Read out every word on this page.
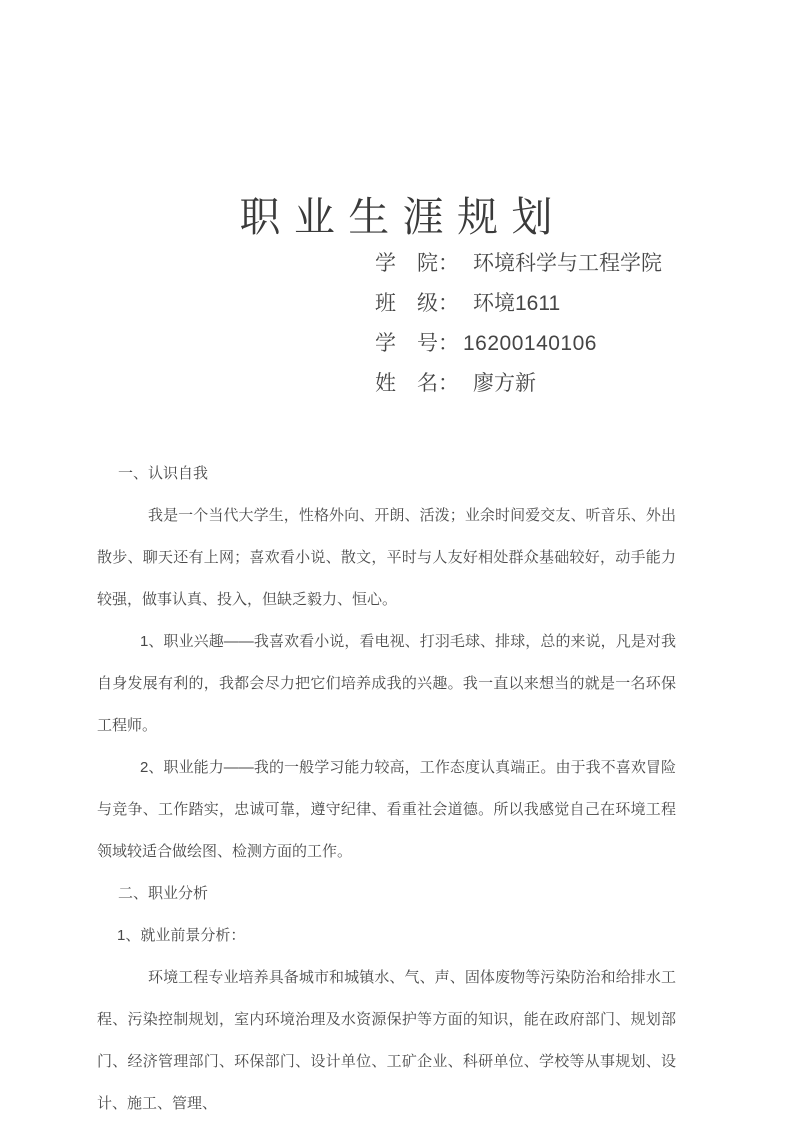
职 业 生 涯 规 划
学　院： 环境科学与工程学院
班　级： 环境1611
学　号： 16200140106
姓　名： 廖方新

一、认识自我

我是一个当代大学生，性格外向、开朗、活泼；业余时间爱交友、听音乐、外出散步、聊天还有上网；喜欢看小说、散文，平时与人友好相处群众基础较好，动手能力较强，做事认真、投入，但缺乏毅力、恒心。

1、职业兴趣——我喜欢看小说，看电视、打羽毛球、排球，总的来说，凡是对我自身发展有利的，我都会尽力把它们培养成我的兴趣。我一直以来想当的就是一名环保工程师。

2、职业能力——我的一般学习能力较高，工作态度认真端正。由于我不喜欢冒险与竞争、工作踏实，忠诚可靠，遵守纪律、看重社会道德。所以我感觉自己在环境工程领域较适合做绘图、检测方面的工作。

二、职业分析

1、就业前景分析：

环境工程专业培养具备城市和城镇水、气、声、固体废物等污染防治和给排水工程、污染控制规划，室内环境治理及水资源保护等方面的知识，能在政府部门、规划部门、经济管理部门、环保部门、设计单位、工矿企业、科研单位、学校等从事规划、设计、施工、管理、
